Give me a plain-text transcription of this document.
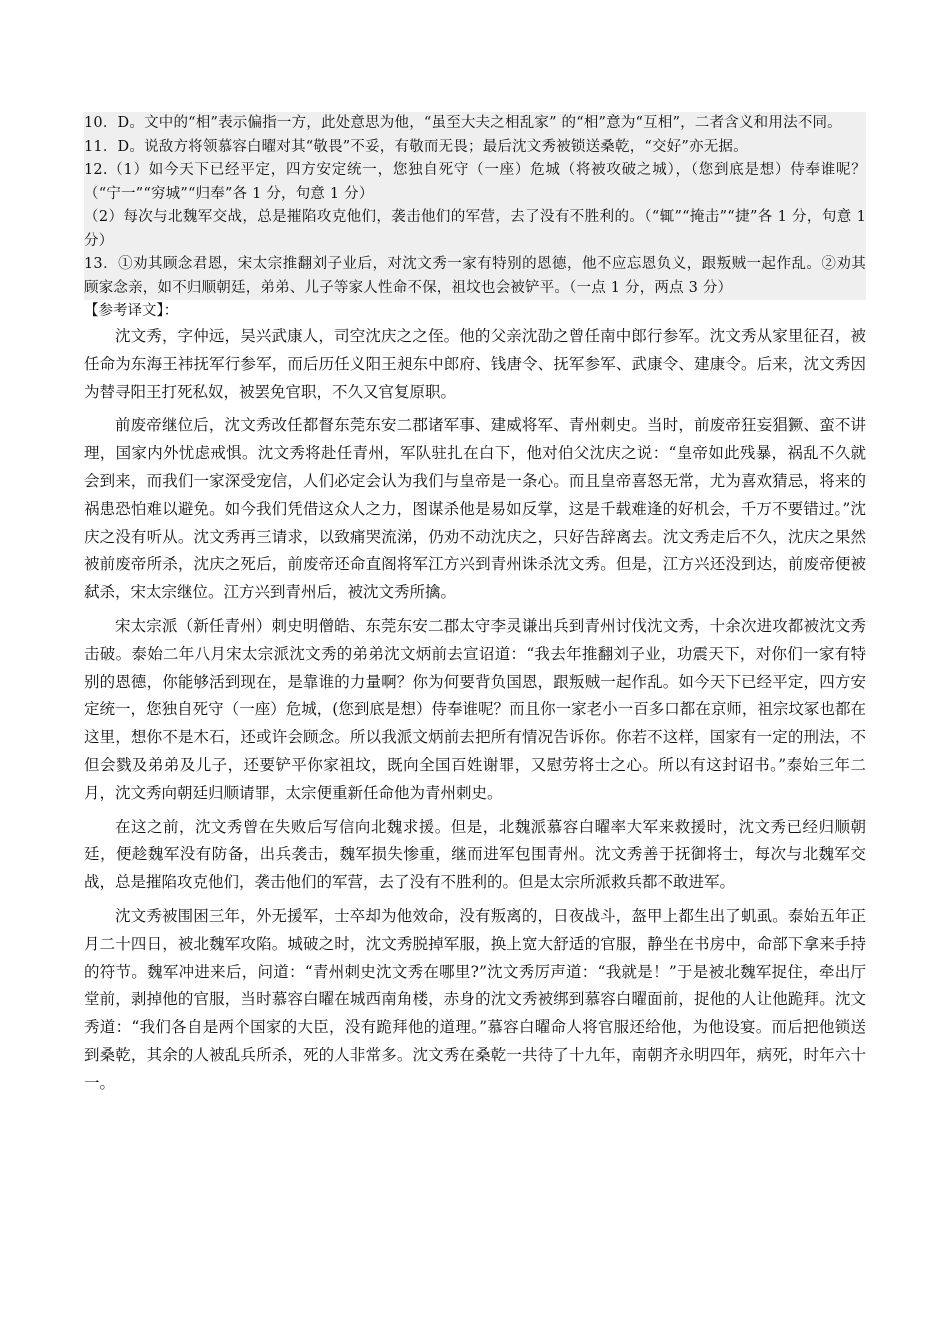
10．D。文中的“相”表示偏指一方，此处意思为他，“虽至大夫之相乱家” 的“相”意为“互相”，二者含义和用法不同。

11．D。说敌方将领慕容白曜对其“敬畏”不妥，有敬而无畏；最后沈文秀被锁送桑乾，“交好”亦无据。

12.（1）如今天下已经平定，四方安定统一，您独自死守（一座）危城（将被攻破之城），（您到底是想）侍奉谁呢？（“宁一”“穷城”“归奉”各 1 分，句意 1 分）

（2）每次与北魏军交战，总是摧陷攻克他们，袭击他们的军营，去了没有不胜利的。（“辄”“掩击”“捷”各 1 分，句意 1 分）

13．①劝其顾念君恩，宋太宗推翻刘子业后，对沈文秀一家有特别的恩德，他不应忘恩负义，跟叛贼一起作乱。②劝其顾家念亲，如不归顺朝廷，弟弟、儿子等家人性命不保，祖坟也会被铲平。（一点 1 分，两点 3 分）

【参考译文】：

沈文秀，字仲远，吴兴武康人，司空沈庆之之侄。他的父亲沈劭之曾任南中郎行参军。沈文秀从家里征召，被任命为东海王袆抚军行参军，而后历任义阳王昶东中郎府、钱唐令、抚军参军、武康令、建康令。后来，沈文秀因为替寻阳王打死私奴，被罢免官职，不久又官复原职。

前废帝继位后，沈文秀改任都督东莞东安二郡诸军事、建威将军、青州刺史。当时，前废帝狂妄猖獗、蛮不讲理，国家内外忧虑戒惧。沈文秀将赴任青州，军队驻扎在白下，他对伯父沈庆之说：“皇帝如此残暴，祸乱不久就会到来，而我们一家深受宠信，人们必定会认为我们与皇帝是一条心。而且皇帝喜怒无常，尤为喜欢猜忌，将来的祸患恐怕难以避免。如今我们凭借这众人之力，图谋杀他是易如反掌，这是千载难逢的好机会，千万不要错过。”沈庆之没有听从。沈文秀再三请求，以致痛哭流涕，仍劝不动沈庆之，只好告辞离去。沈文秀走后不久，沈庆之果然被前废帝所杀，沈庆之死后，前废帝还命直阁将军江方兴到青州诛杀沈文秀。但是，江方兴还没到达，前废帝便被弑杀，宋太宗继位。江方兴到青州后，被沈文秀所擒。

宋太宗派（新任青州）刺史明僧皓、东莞东安二郡太守李灵谦出兵到青州讨伐沈文秀，十余次进攻都被沈文秀击破。泰始二年八月宋太宗派沈文秀的弟弟沈文炳前去宣诏道：“我去年推翻刘子业，功震天下，对你们一家有特别的恩德，你能够活到现在，是靠谁的力量啊？你为何要背负国恩，跟叛贼一起作乱。如今天下已经平定，四方安定统一，您独自死守（一座）危城，(您到底是想）侍奉谁呢？而且你一家老小一百多口都在京师，祖宗坟冢也都在这里，想你不是木石，还或许会顾念。所以我派文炳前去把所有情况告诉你。你若不这样，国家有一定的刑法，不但会戮及弟弟及儿子，还要铲平你家祖坟，既向全国百姓谢罪，又慰劳将士之心。所以有这封诏书。”泰始三年二月，沈文秀向朝廷归顺请罪，太宗便重新任命他为青州刺史。

在这之前，沈文秀曾在失败后写信向北魏求援。但是，北魏派慕容白曜率大军来救援时，沈文秀已经归顺朝廷，便趁魏军没有防备，出兵袭击，魏军损失惨重，继而进军包围青州。沈文秀善于抚御将士，每次与北魏军交战，总是摧陷攻克他们，袭击他们的军营，去了没有不胜利的。但是太宗所派救兵都不敢进军。

沈文秀被围困三年，外无援军，士卒却为他效命，没有叛离的，日夜战斗，盔甲上都生出了虮虱。泰始五年正月二十四日，被北魏军攻陷。城破之时，沈文秀脱掉军服，换上宽大舒适的官服，静坐在书房中，命部下拿来手持的符节。魏军冲进来后，问道：“青州刺史沈文秀在哪里?”沈文秀厉声道：“我就是！”于是被北魏军捉住，牵出厅堂前，剥掉他的官服，当时慕容白曜在城西南角楼，赤身的沈文秀被绑到慕容白曜面前，捉他的人让他跪拜。沈文秀道：“我们各自是两个国家的大臣，没有跪拜他的道理。”慕容白曜命人将官服还给他，为他设宴。而后把他锁送到桑乾，其余的人被乱兵所杀，死的人非常多。沈文秀在桑乾一共待了十九年，南朝齐永明四年，病死，时年六十一。
